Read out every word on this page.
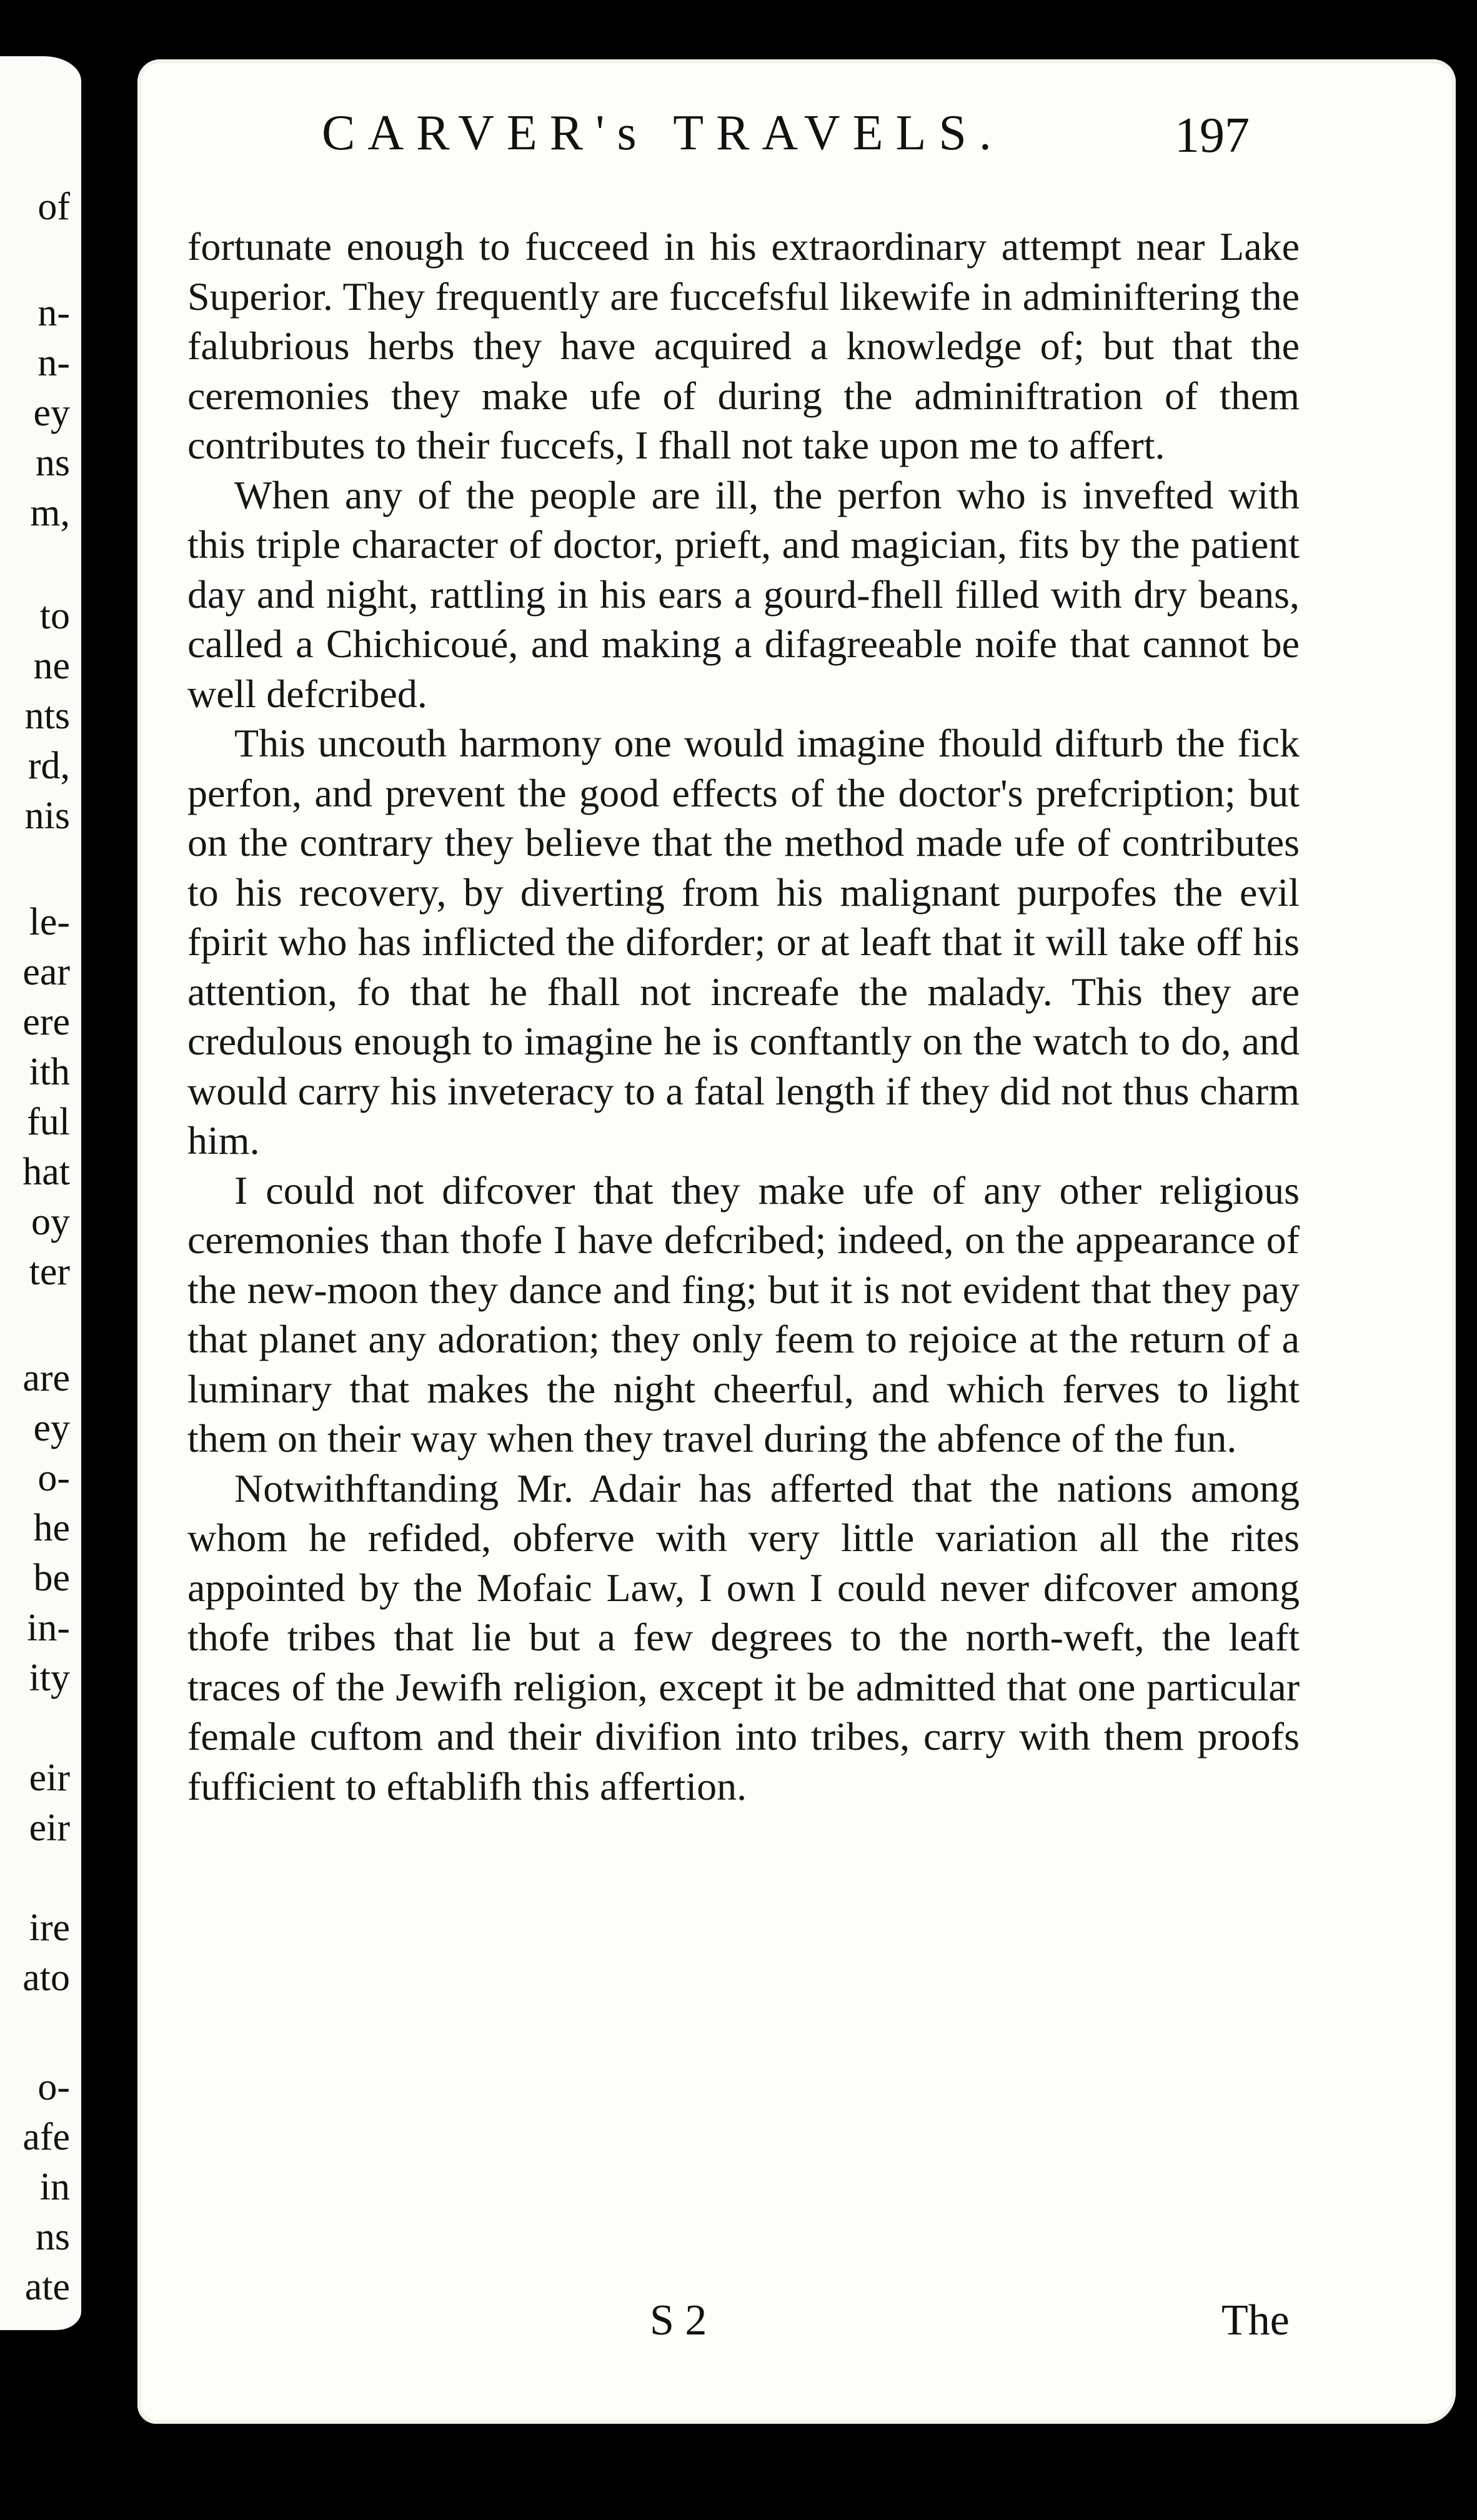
of
n-
n-
ey
ns
m,
to
ne
nts
rd,
nis
le-
ear
ere
ith
ful
hat
oy
ter
are
ey
o-
he
be
in-
ity
eir
eir
ire
ato
o-
afe
in
ns
ate
CARVER's TRAVELS.	197

fortunate enough to fucceed in his extraordinary attempt near Lake Superior. They frequently are fuccefsful likewife in adminiftering the falubrious herbs they have acquired a knowledge of; but that the ceremonies they make ufe of during the adminiftration of them contributes to their fuccefs, I fhall not take upon me to affert.

When any of the people are ill, the perfon who is invefted with this triple character of doctor, prieft, and magician, fits by the patient day and night, rattling in his ears a gourd-fhell filled with dry beans, called a Chichicoué, and making a difagreeable noife that cannot be well defcribed.

This uncouth harmony one would imagine fhould difturb the fick perfon, and prevent the good effects of the doctor's prefcription; but on the contrary they believe that the method made ufe of contributes to his recovery, by diverting from his malignant purpofes the evil fpirit who has inflicted the diforder; or at leaft that it will take off his attention, fo that he fhall not increafe the malady. This they are credulous enough to imagine he is conftantly on the watch to do, and would carry his inveteracy to a fatal length if they did not thus charm him.

I could not difcover that they make ufe of any other religious ceremonies than thofe I have defcribed; indeed, on the appearance of the new-moon they dance and fing; but it is not evident that they pay that planet any adoration; they only feem to rejoice at the return of a luminary that makes the night cheerful, and which ferves to light them on their way when they travel during the abfence of the fun.

Notwithftanding Mr. Adair has afferted that the nations among whom he refided, obferve with very little variation all the rites appointed by the Mofaic Law, I own I could never difcover among thofe tribes that lie but a few degrees to the north-weft, the leaft traces of the Jewifh religion, except it be admitted that one particular female cuftom and their divifion into tribes, carry with them proofs fufficient to eftablifh this affertion.

S 2	The
